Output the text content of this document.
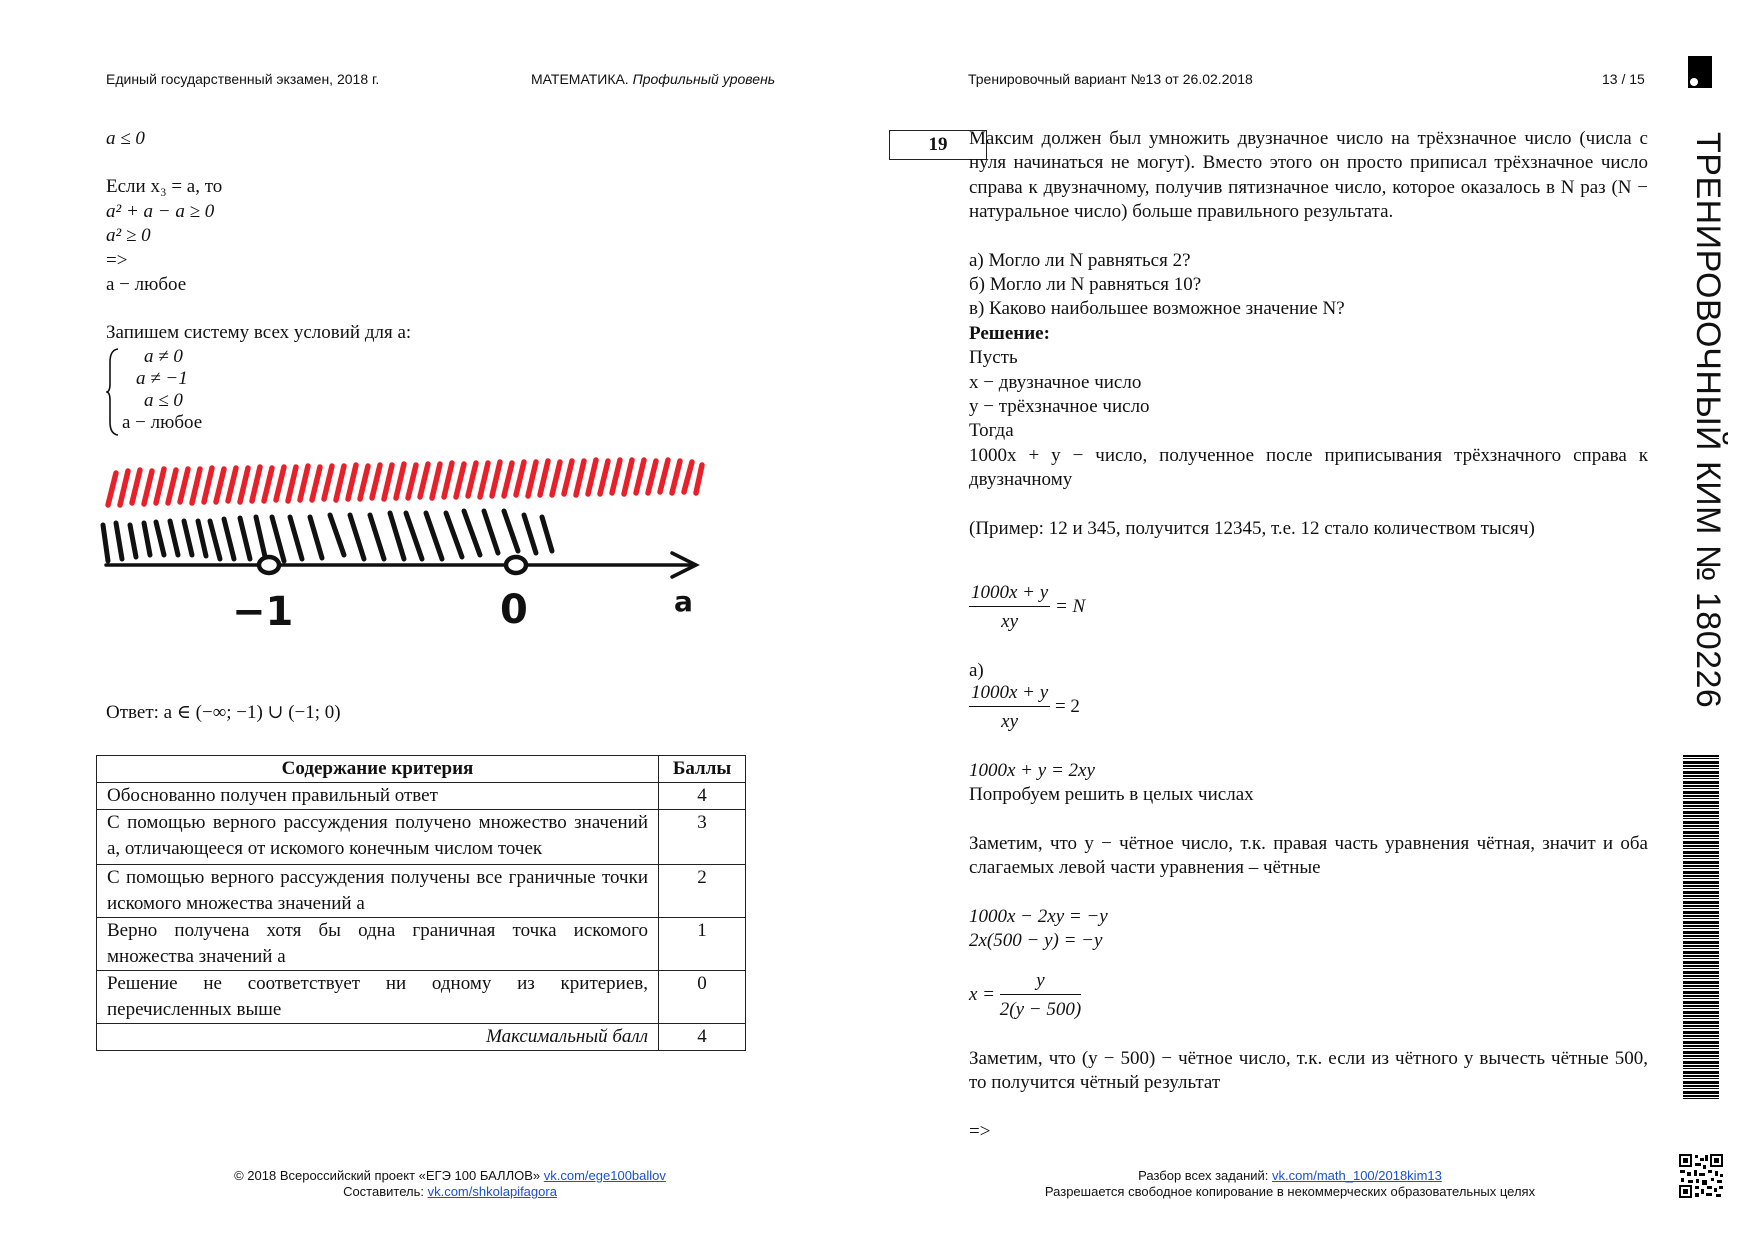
Единый государственный экзамен, 2018 г.	МАТЕМАТИКА. Профильный уровень	Тренировочный вариант №13 от 26.02.2018	13 / 15
ТРЕНИРОВОЧНЫЙ КИМ № 180226
a ≤ 0
Если x₃ = a, то
a² + a − a ≥ 0
a² ≥ 0
=>
a − любое
Запишем систему всех условий для a:
a ≠ 0
a ≠ −1
a ≤ 0
a − любое
−1	0	a
Ответ: a ∈ (−∞; −1) ∪ (−1; 0)
Содержание критерия	Баллы
Обоснованно получен правильный ответ	4
С помощью верного рассуждения получено множество значений a, отличающееся от искомого конечным числом точек	3
С помощью верного рассуждения получены все граничные точки искомого множества значений a	2
Верно получена хотя бы одна граничная точка искомого множества значений a	1
Решение не соответствует ни одному из критериев, перечисленных выше	0
Максимальный балл	4
19	Максим должен был умножить двузначное число на трёхзначное число (числа с нуля начинаться не могут). Вместо этого он просто приписал трёхзначное число справа к двузначному, получив пятизначное число, которое оказалось в N раз (N − натуральное число) больше правильного результата.
а) Могло ли N равняться 2?
б) Могло ли N равняться 10?
в) Каково наибольшее возможное значение N?
Решение:
Пусть
x − двузначное число
y − трёхзначное число
Тогда
1000x + y − число, полученное после приписывания трёхзначного справа к двузначному
(Пример: 12 и 345, получится 12345, т.е. 12 стало количеством тысяч)
$\frac{1000x + y}{xy} = N$
а)
$\frac{1000x + y}{xy} = 2$
1000x + y = 2xy
Попробуем решить в целых числах
Заметим, что y − чётное число, т.к. правая часть уравнения чётная, значит и оба слагаемых левой части уравнения – чётные
1000x − 2xy = −y
2x(500 − y) = −y
$x = \frac{y}{2(y - 500)}$
Заметим, что (y − 500) − чётное число, т.к. если из чётного y вычесть чётные 500, то получится чётный результат
=>
© 2018 Всероссийский проект «ЕГЭ 100 БАЛЛОВ» vk.com/ege100ballov
Составитель: vk.com/shkolapifagora
Разбор всех заданий: vk.com/math_100/2018kim13
Разрешается свободное копирование в некоммерческих образовательных целях
